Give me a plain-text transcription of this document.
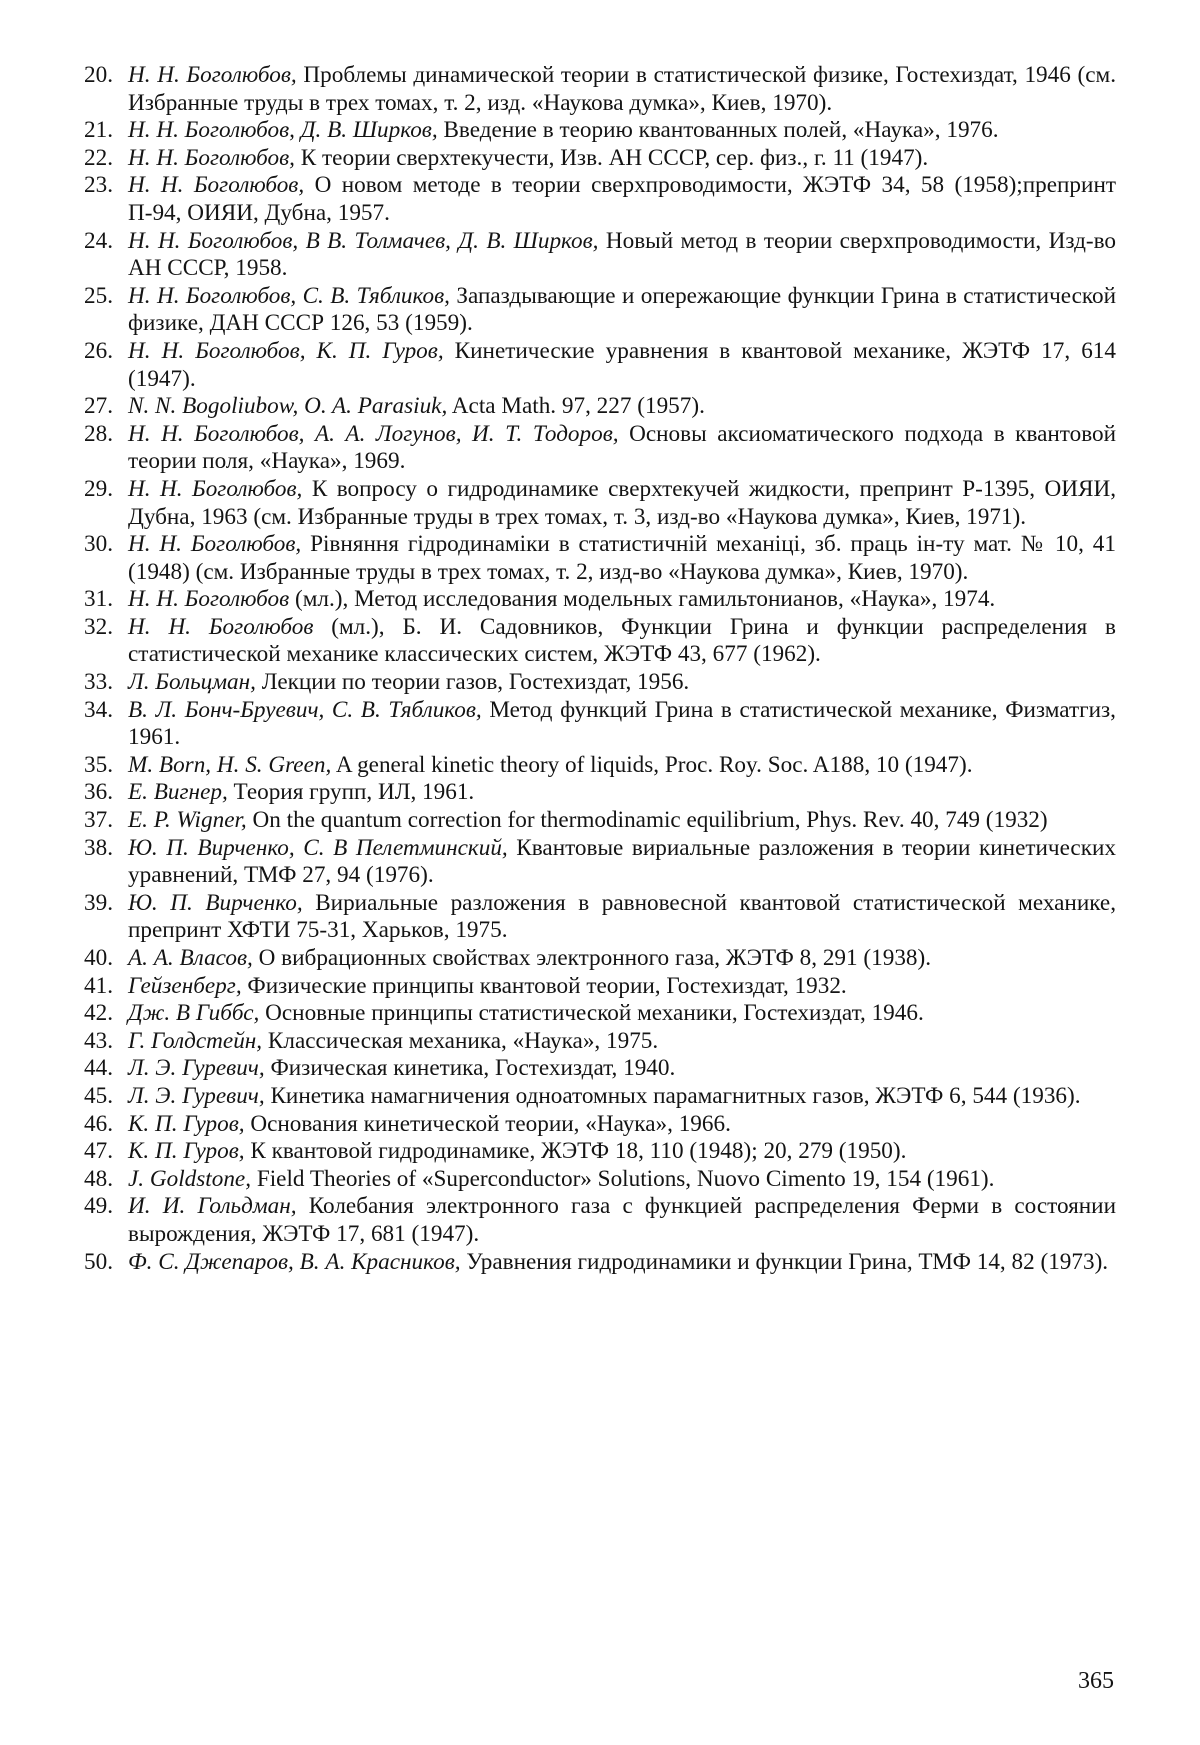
20. Н. Н. Боголюбов, Проблемы динамической теории в статистической физике, Гостехиздат, 1946 (см. Избранные труды в трех томах, т. 2, изд. «Наукова думка», Киев, 1970).
21. Н. Н. Боголюбов, Д. В. Ширков, Введение в теорию квантованных полей, «Наука», 1976.
22. Н. Н. Боголюбов, К теории сверхтекучести, Изв. АН СССР, сер. физ., г. 11 (1947).
23. Н. Н. Боголюбов, О новом методе в теории сверхпроводимости, ЖЭТФ 34, 58 (1958);препринт П-94, ОИЯИ, Дубна, 1957.
24. Н. Н. Боголюбов, В В. Толмачев, Д. В. Ширков, Новый метод в теории сверхпроводимости, Изд-во АН СССР, 1958.
25. Н. Н. Боголюбов, С. В. Тябликов, Запаздывающие и опережающие функции Грина в статистической физике, ДАН СССР 126, 53 (1959).
26. Н. Н. Боголюбов, К. П. Гуров, Кинетические уравнения в квантовой механике, ЖЭТФ 17, 614 (1947).
27. N. N. Bogoliubow, O. A. Parasiuk, Acta Math. 97, 227 (1957).
28. Н. Н. Боголюбов, А. А. Логунов, И. Т. Тодоров, Основы аксиоматического подхода в квантовой теории поля, «Наука», 1969.
29. Н. Н. Боголюбов, К вопросу о гидродинамике сверхтекучей жидкости, препринт Р-1395, ОИЯИ, Дубна, 1963 (см. Избранные труды в трех томах, т. 3, изд-во «Наукова думка», Киев, 1971).
30. Н. Н. Боголюбов, Рiвняння гiдродинамiки в статистичнiй механiцi, зб. праць iн-ту мат. № 10, 41 (1948) (см. Избранные труды в трех томах, т. 2, изд-во «Наукова думка», Киев, 1970).
31. Н. Н. Боголюбов (мл.), Метод исследования модельных гамильтонианов, «Наука», 1974.
32. Н. Н. Боголюбов (мл.), Б. И. Садовников, Функции Грина и функции распределения в статистической механике классических систем, ЖЭТФ 43, 677 (1962).
33. Л. Больцман, Лекции по теории газов, Гостехиздат, 1956.
34. В. Л. Бонч-Бруевич, С. В. Тябликов, Метод функций Грина в статистической механике, Физматгиз, 1961.
35. M. Born, H. S. Green, A general kinetic theory of liquids, Proc. Roy. Soc. A188, 10 (1947).
36. Е. Вигнер, Теория групп, ИЛ, 1961.
37. E. P. Wigner, On the quantum correction for thermodinamic equilibrium, Phys. Rev. 40, 749 (1932)
38. Ю. П. Вирченко, С. В Пелетминский, Квантовые вириальные разложения в теории кинетических уравнений, ТМФ 27, 94 (1976).
39. Ю. П. Вирченко, Вириальные разложения в равновесной квантовой статистической механике, препринт ХФТИ 75-31, Харьков, 1975.
40. А. А. Власов, О вибрационных свойствах электронного газа, ЖЭТФ 8, 291 (1938).
41. Гейзенберг, Физические принципы квантовой теории, Гостехиздат, 1932.
42. Дж. В Гиббс, Основные принципы статистической механики, Гостехиздат, 1946.
43. Г. Голдстейн, Классическая механика, «Наука», 1975.
44. Л. Э. Гуревич, Физическая кинетика, Гостехиздат, 1940.
45. Л. Э. Гуревич, Кинетика намагничения одноатомных парамагнитных газов, ЖЭТФ 6, 544 (1936).
46. К. П. Гуров, Основания кинетической теории, «Наука», 1966.
47. К. П. Гуров, К квантовой гидродинамике, ЖЭТФ 18, 110 (1948); 20, 279 (1950).
48. J. Goldstone, Field Theories of «Superconductor» Solutions, Nuovo Cimento 19, 154 (1961).
49. И. И. Гольдман, Колебания электронного газа с функцией распределения Ферми в состоянии вырождения, ЖЭТФ 17, 681 (1947).
50. Ф. С. Джепаров, В. А. Красников, Уравнения гидродинамики и функции Грина, ТМФ 14, 82 (1973).
365
